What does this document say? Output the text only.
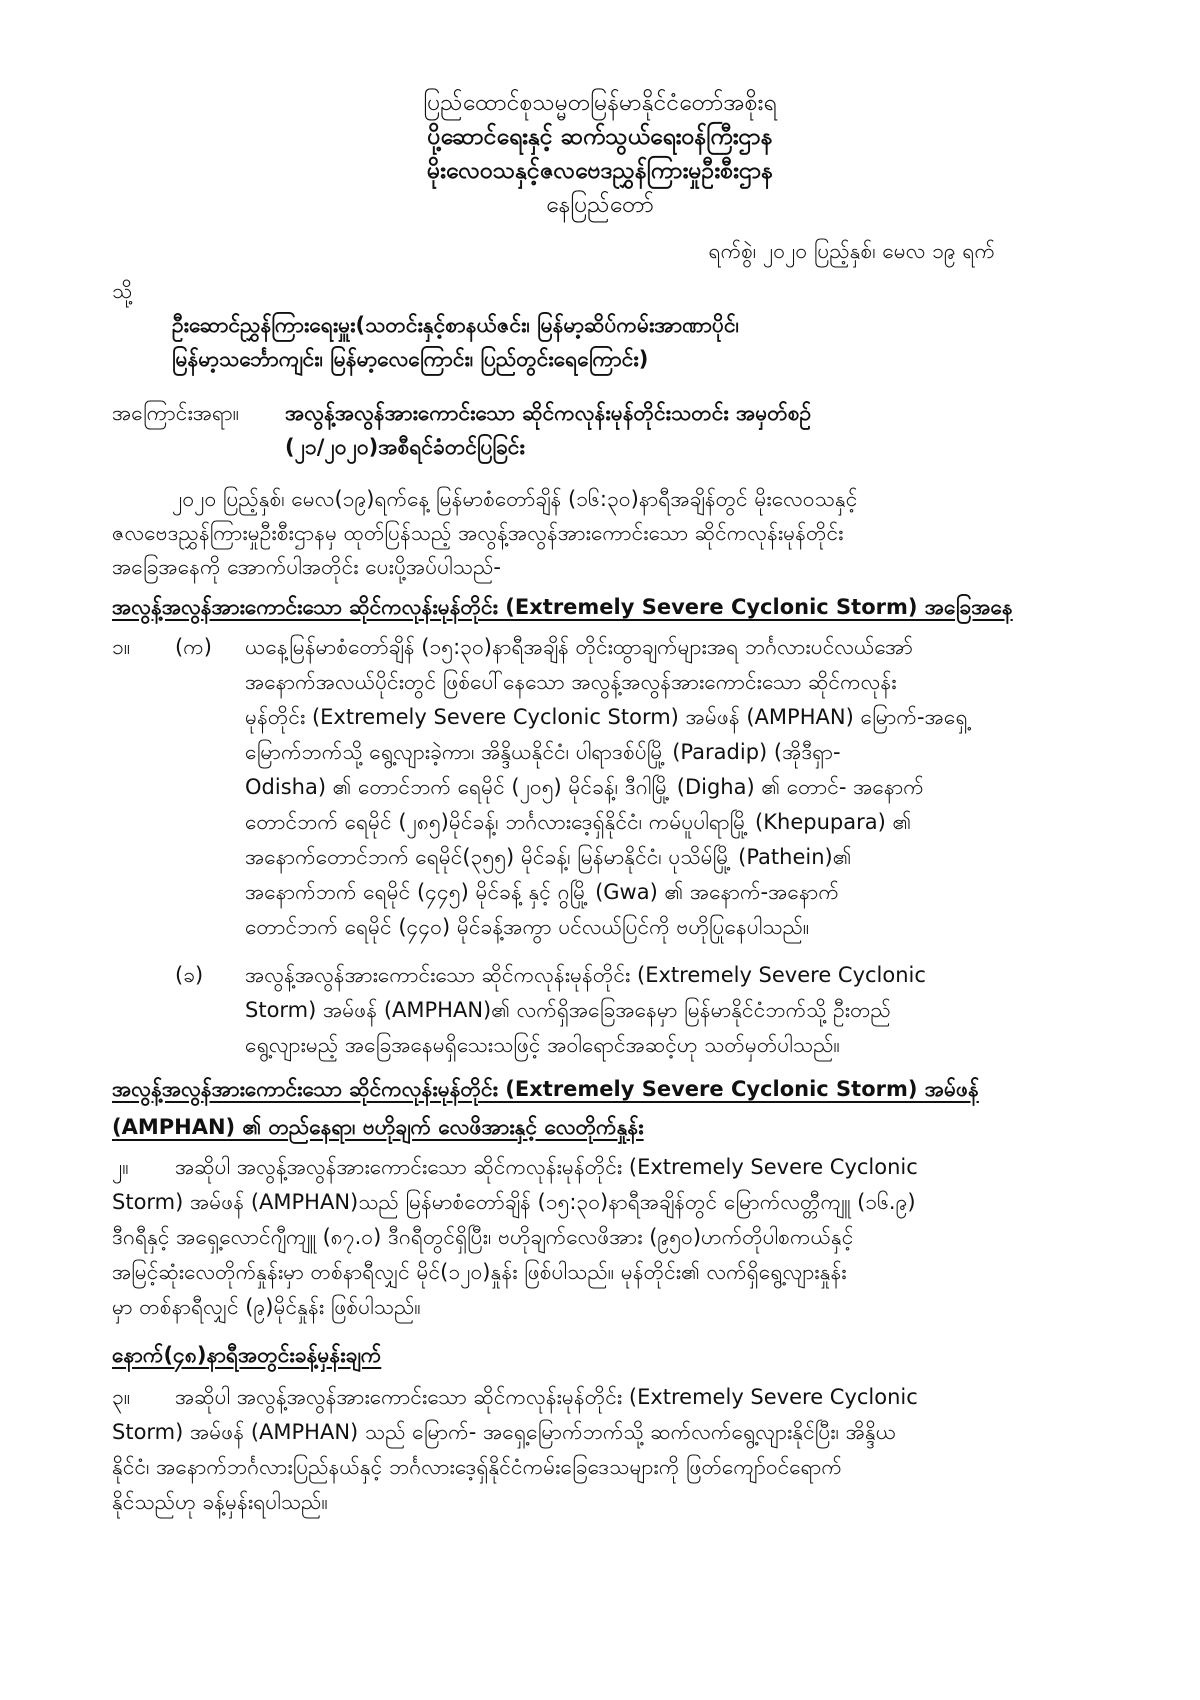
ပြည်ထောင်စုသမ္မတမြန်မာနိုင်ငံတော်အစိုးရ
ပို့ဆောင်ရေးနှင့် ဆက်သွယ်ရေးဝန်ကြီးဌာန
မိုးလေဝသနှင့်ဇလဗေဒညွှန်ကြားမှုဦးစီးဌာန
နေပြည်တော်
ရက်စွဲ၊ ၂၀၂၀ ပြည့်နှစ်၊ မေလ ၁၉ ရက်
သို့
ဦးဆောင်ညွှန်ကြားရေးမှူး(သတင်းနှင့်စာနယ်ဇင်း၊ မြန်မာ့ဆိပ်ကမ်းအာဏာပိုင်၊
မြန်မာ့သင်္ဘောကျင်း၊ မြန်မာ့လေကြောင်း၊ ပြည်တွင်းရေကြောင်း)
အကြောင်းအရာ။ အလွန့်အလွန်အားကောင်းသော ဆိုင်ကလုန်းမုန်တိုင်းသတင်း အမှတ်စဉ်
(၂၁/၂၀၂၀)အစီရင်ခံတင်ပြခြင်း
၂၀၂၀ ပြည့်နှစ်၊ မေလ(၁၉)ရက်နေ့ မြန်မာစံတော်ချိန် (၁၆:၃၀)နာရီအချိန်တွင် မိုးလေဝသနှင့်
ဇလဗေဒညွှန်ကြားမှုဦးစီးဌာနမှ ထုတ်ပြန်သည့် အလွန့်အလွန်အားကောင်းသော ဆိုင်ကလုန်းမုန်တိုင်း
အခြေအနေကို အောက်ပါအတိုင်း ပေးပို့အပ်ပါသည်-
အလွန့်အလွန်အားကောင်းသော ဆိုင်ကလုန်းမုန်တိုင်း (Extremely Severe Cyclonic Storm) အခြေအနေ
၁။ (က) ယနေ့မြန်မာစံတော်ချိန် (၁၅:၃၀)နာရီအချိန် တိုင်းထွာချက်များအရ ဘင်္ဂလားပင်လယ်အော်
အနောက်အလယ်ပိုင်းတွင် ဖြစ်ပေါ်နေသော အလွန့်အလွန်အားကောင်းသော ဆိုင်ကလုန်း
မုန်တိုင်း (Extremely Severe Cyclonic Storm) အမ်ဖန် (AMPHAN) မြောက်-အရှေ့
မြောက်ဘက်သို့ ရွေ့လျားခဲ့ကာ၊ အိန္ဒိယနိုင်ငံ၊ ပါရာဒစ်ပ်မြို့ (Paradip) (အိုဒီရှာ-
Odisha) ၏ တောင်ဘက် ရေမိုင် (၂၀၅) မိုင်ခန့်၊ ဒီဂါမြို့ (Digha) ၏ တောင်- အနောက်
တောင်ဘက် ရေမိုင် (၂၈၅)မိုင်ခန့်၊ ဘင်္ဂလားဒေ့ရှ်နိုင်ငံ၊ ကမ်ပူပါရာမြို့ (Khepupara) ၏
အနောက်တောင်ဘက် ရေမိုင်(၃၅၅) မိုင်ခန့်၊ မြန်မာနိုင်ငံ၊ ပုသိမ်မြို့ (Pathein)၏
အနောက်ဘက် ရေမိုင် (၄၄၅) မိုင်ခန့် နှင့် ဂွမြို့ (Gwa) ၏ အနောက်-အနောက်
တောင်ဘက် ရေမိုင် (၄၄၀) မိုင်ခန့်အကွာ ပင်လယ်ပြင်ကို ဗဟိုပြုနေပါသည်။
(ခ) အလွန့်အလွန်အားကောင်းသော ဆိုင်ကလုန်းမုန်တိုင်း (Extremely Severe Cyclonic
Storm) အမ်ဖန် (AMPHAN)၏ လက်ရှိအခြေအနေမှာ မြန်မာနိုင်ငံဘက်သို့ ဦးတည်
ရွေ့လျားမည့် အခြေအနေမရှိသေးသဖြင့် အဝါရောင်အဆင့်ဟု သတ်မှတ်ပါသည်။
အလွန့်အလွန်အားကောင်းသော ဆိုင်ကလုန်းမုန်တိုင်း (Extremely Severe Cyclonic Storm) အမ်ဖန်
(AMPHAN) ၏ တည်နေရာ၊ ဗဟိုချက် လေဖိအားနှင့် လေတိုက်နှုန်း
၂။ အဆိုပါ အလွန့်အလွန်အားကောင်းသော ဆိုင်ကလုန်းမုန်တိုင်း (Extremely Severe Cyclonic
Storm) အမ်ဖန် (AMPHAN)သည် မြန်မာစံတော်ချိန် (၁၅:၃၀)နာရီအချိန်တွင် မြောက်လတ္တီကျူ (၁၆.၉)
ဒီဂရီနှင့် အရှေ့လောင်ဂျီကျူ (၈၇.၀) ဒီဂရီတွင်ရှိပြီး၊ ဗဟိုချက်လေဖိအား (၉၅၀)ဟက်တိုပါစကယ်နှင့်
အမြင့်ဆုံးလေတိုက်နှုန်းမှာ တစ်နာရီလျှင် မိုင်(၁၂၀)နှုန်း ဖြစ်ပါသည်။ မုန်တိုင်း၏ လက်ရှိရွေ့လျားနှုန်း
မှာ တစ်နာရီလျှင် (၉)မိုင်နှုန်း ဖြစ်ပါသည်။
နောက်(၄၈)နာရီအတွင်းခန့်မှန်းချက်
၃။ အဆိုပါ အလွန့်အလွန်အားကောင်းသော ဆိုင်ကလုန်းမုန်တိုင်း (Extremely Severe Cyclonic
Storm) အမ်ဖန် (AMPHAN) သည် မြောက်- အရှေ့မြောက်ဘက်သို့ ဆက်လက်ရွေ့လျားနိုင်ပြီး၊ အိန္ဒိယ
နိုင်ငံ၊ အနောက်ဘင်္ဂလားပြည်နယ်နှင့် ဘင်္ဂလားဒေ့ရှ်နိုင်ငံကမ်းခြေဒေသများကို ဖြတ်ကျော်ဝင်ရောက်
နိုင်သည်ဟု ခန့်မှန်းရပါသည်။
